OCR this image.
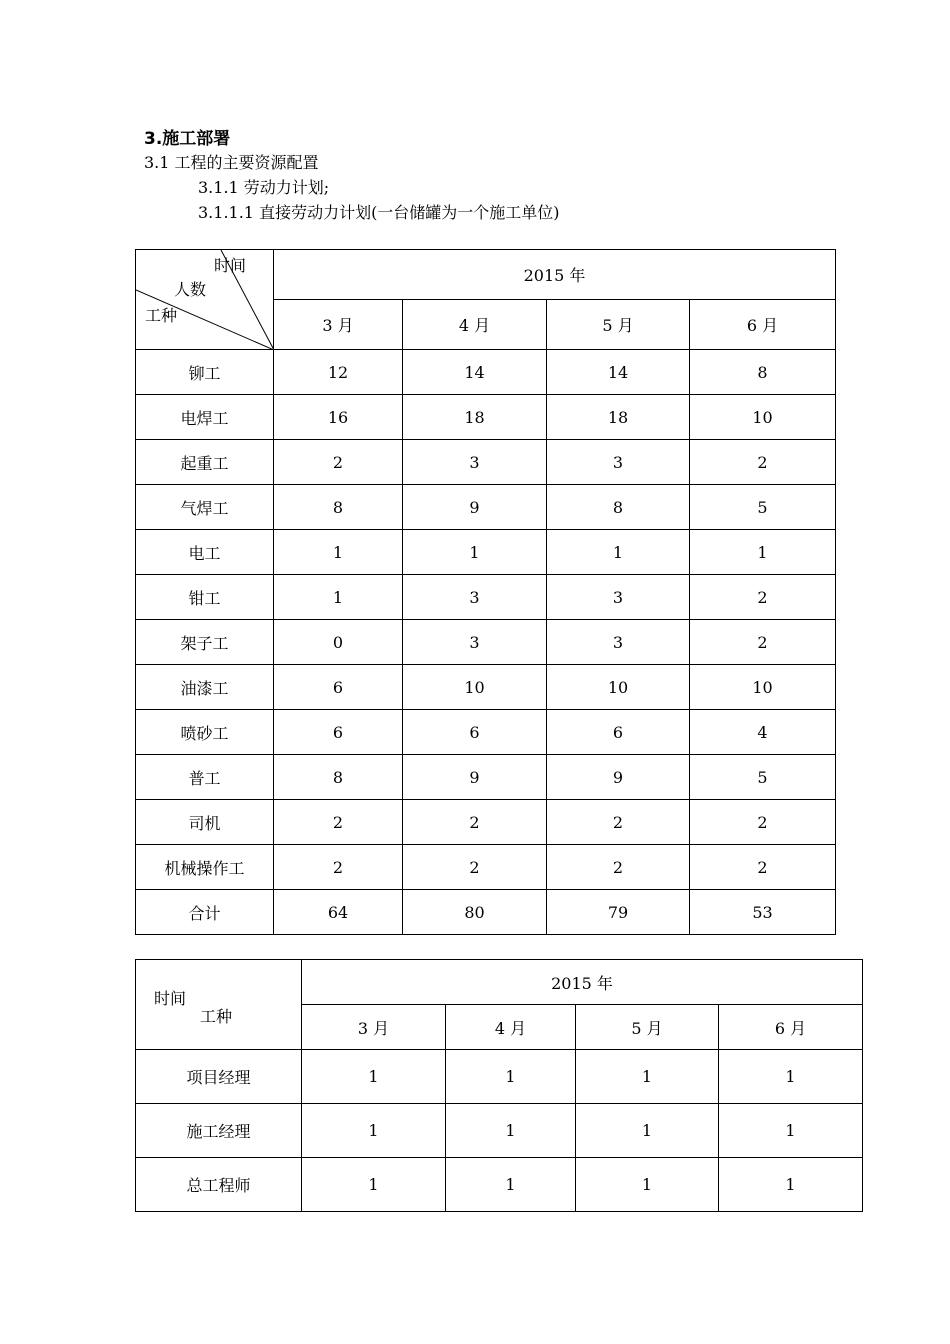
3.施工部署
3.1 工程的主要资源配置
3.1.1 劳动力计划;
3.1.1.1 直接劳动力计划(一台储罐为一个施工单位)
时间
人数
工种	2015 年			
	3 月	4 月	5 月	6 月
铆工	12	14	14	8
电焊工	16	18	18	10
起重工	2	3	3	2
气焊工	8	9	8	5
电工	1	1	1	1
钳工	1	3	3	2
架子工	0	3	3	2
油漆工	6	10	10	10
喷砂工	6	6	6	4
普工	8	9	9	5
司机	2	2	2	2
机械操作工	2	2	2	2
合计	64	80	79	53
时间
工种	2015 年			
	3 月	4 月	5 月	6 月
项目经理	1	1	1	1
施工经理	1	1	1	1
总工程师	1	1	1	1
